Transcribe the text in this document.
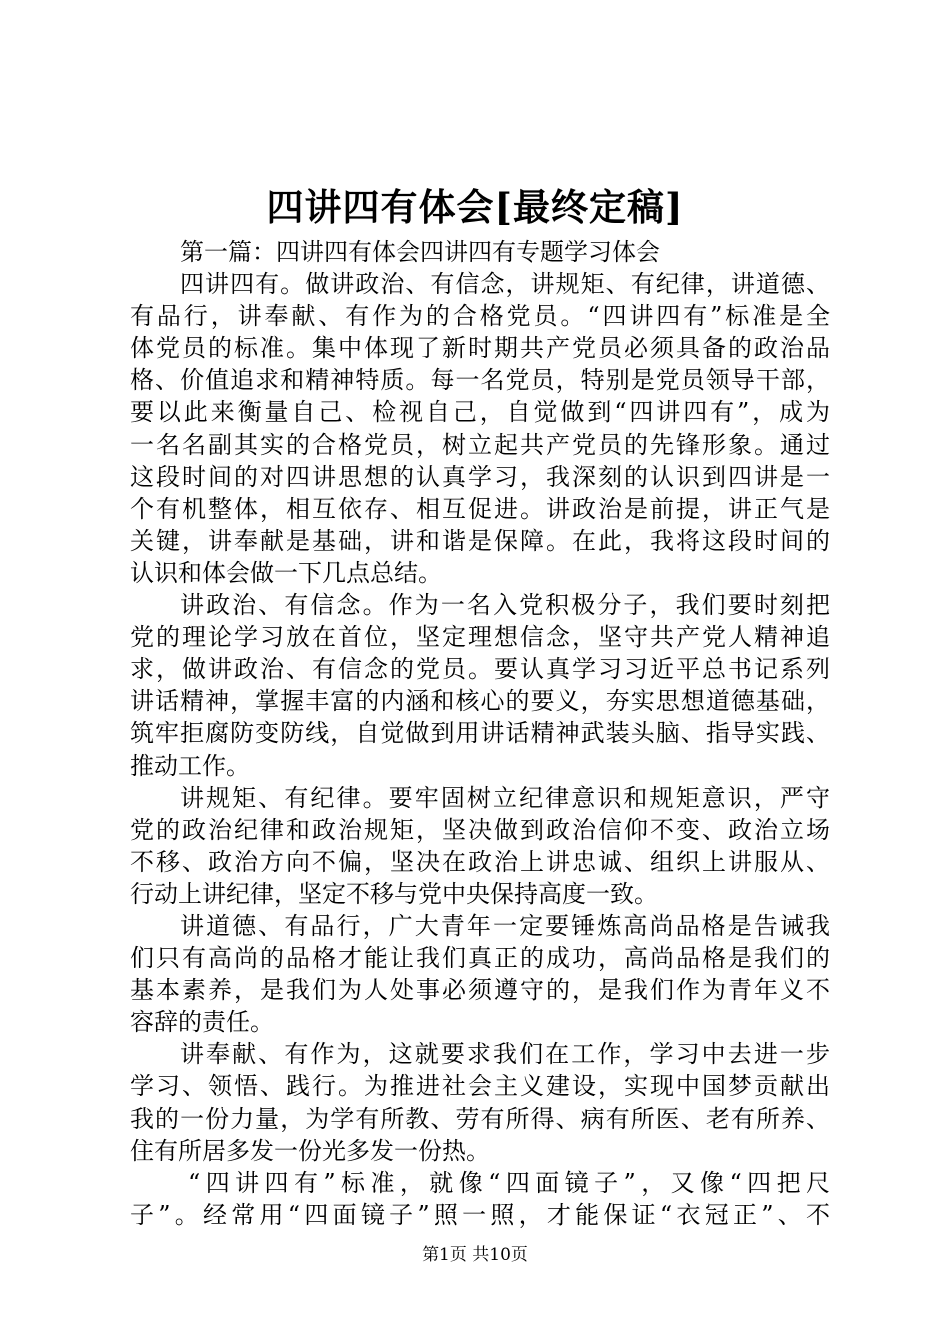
四讲四有体会[最终定稿]
第一篇：四讲四有体会四讲四有专题学习体会
四讲四有。做讲政治、有信念，讲规矩、有纪律，讲道德、
有品行，讲奉献、有作为的合格党员。“四讲四有”标准是全
体党员的标准。集中体现了新时期共产党员必须具备的政治品
格、价值追求和精神特质。每一名党员，特别是党员领导干部，
要以此来衡量自己、检视自己，自觉做到“四讲四有”，成为
一名名副其实的合格党员，树立起共产党员的先锋形象。通过
这段时间的对四讲思想的认真学习，我深刻的认识到四讲是一
个有机整体，相互依存、相互促进。讲政治是前提，讲正气是
关键，讲奉献是基础，讲和谐是保障。在此，我将这段时间的
认识和体会做一下几点总结。
讲政治、有信念。作为一名入党积极分子，我们要时刻把
党的理论学习放在首位，坚定理想信念，坚守共产党人精神追
求，做讲政治、有信念的党员。要认真学习习近平总书记系列
讲话精神，掌握丰富的内涵和核心的要义，夯实思想道德基础，
筑牢拒腐防变防线，自觉做到用讲话精神武装头脑、指导实践、
推动工作。
讲规矩、有纪律。要牢固树立纪律意识和规矩意识，严守
党的政治纪律和政治规矩，坚决做到政治信仰不变、政治立场
不移、政治方向不偏，坚决在政治上讲忠诚、组织上讲服从、
行动上讲纪律，坚定不移与党中央保持高度一致。
讲道德、有品行，广大青年一定要锤炼高尚品格是告诫我
们只有高尚的品格才能让我们真正的成功，高尚品格是我们的
基本素养，是我们为人处事必须遵守的，是我们作为青年义不
容辞的责任。
讲奉献、有作为，这就要求我们在工作，学习中去进一步
学习、领悟、践行。为推进社会主义建设，实现中国梦贡献出
我的一份力量，为学有所教、劳有所得、病有所医、老有所养、
住有所居多发一份光多发一份热。
“四讲四有”标准，就像“四面镜子”，又像“四把尺
子”。经常用“四面镜子”照一照，才能保证“衣冠正”、不
第1页 共10页
